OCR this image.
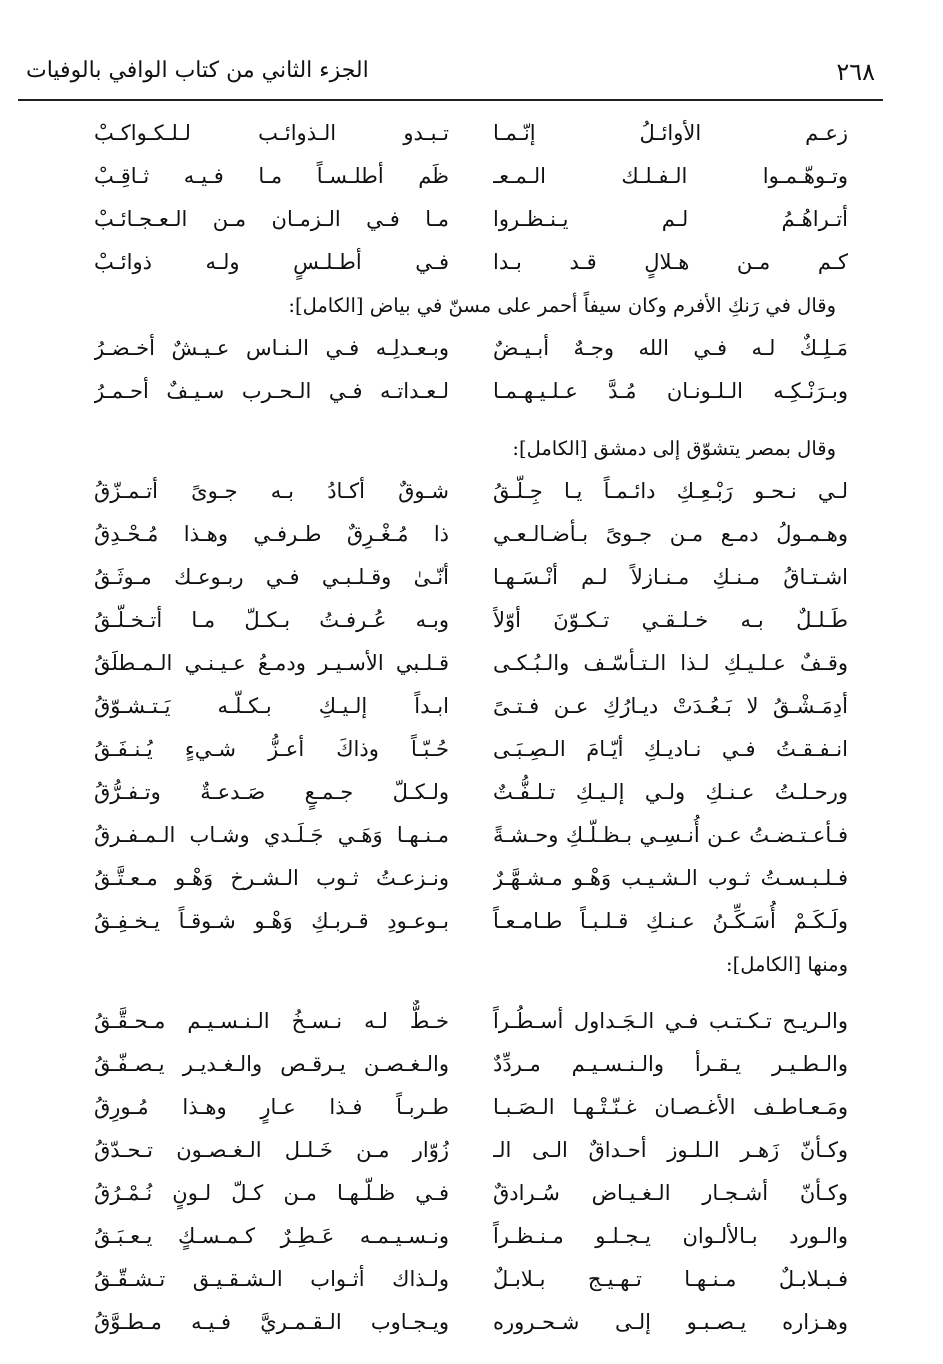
٢٦٨
الجزء الثاني من كتاب الوافي بالوفيات
زعـم الأوائـلُ إنّـمـا
تـبـدو الـذوائـب لـلـكـواكـبْ
وتـوهّـمـوا الـفـلـك الـمـعـ
ظَم أطلـسـاً مـا فـيـه ثـاقِـبْ
أتـراهُـمُ لـم يـنـظـروا
مـا فـي الـزمـان مـن الـعـجـائـبْ
كـم مـن هـلالٍ قـد بـدا
فـي أطـلـسٍ ولـه ذوائـبْ
وقال في رَنكِ الأفرم وكان سيفاً أحمر على مسنّ في بياض [الكامل]:
مَـلِـكٌ لـه فـي الله وجـهٌ أبـيـضٌ
وبـعـدلِـه فـي الـنـاس عـيـشٌ أخـضـرُ
وبـرَنْـكِـه الـلـونـان مُـدَّ عـلـيـهـمـا
لـعـداتـه فـي الـحـرب سـيـفٌ أحـمـرُ
وقال بمصر يتشوّق إلى دمشق [الكامل]:
لـي نـحـو رَبْـعِـكِ دائـمـاً يـا جِـلّـقُ
شـوقٌ أكـادُ بـه جـوىً أتـمـزّقُ
وهـمـولُ دمـع مـن جـوىً بـأضـالـعـي
ذا مُـغْـرِقٌ طـرفـي وهـذا مُـحْـدِقُ
اشـتـاقُ مـنـكِ مـنـازلاً لـم أنْـسَـهـا
أنّـىٰ وقـلـبـي فـي ربـوعـك مـوثَـقُ
طَـلـلٌ بـه خـلـقـي تـكـوّنَ أوّلاً
وبـه عُـرفـتُ بـكـلّ مـا أتـخـلّـقُ
وقـفٌ عـلـيـكِ لـذا الـتـأسّـف والـبُـكـى
قـلـبي الأسـيـر ودمـعُ عـيـنـي الـمـطلَقُ
أدِمَـشْـقُ لا بَـعُـدَتْ ديـارُكِ عـن فـتـىً
ابـداً إلـيـكِ بـكـلّـه يَـتـشـوّقُ
انـفـقـتُ فـي نـاديـكِ أيّـامَ الـصِـبَـى
حُـبّـاً وذاكَ أعـزُّ شـيءٍ يُـنـفَـقُ
ورحـلـتُ عـنـكِ ولـي إلـيـكِ تـلـفُّـتٌ
ولـكـلّ جـمـعٍ صَـدعـةٌ وتـفـرُّقُ
فـأعـتـضـتُ عـن أُنـسِـي بـظـلّـكِ وحـشـةً
مـنـهـا وَهَـي جَـلَـدي وشـاب الـمـفـرقُ
فـلـبـسـتُ ثـوب الـشـيـب وَهْـو مـشـهَّـرٌ
ونـزعـتُ ثـوب الـشـرخ وَهْـو مـعـتَّـقُ
ولَـكَـمْ أُسَـكِّـنُ عـنـكِ قـلـبـاً طـامـعـاً
بـوعـودِ قـربـكِ وَهْـو شـوقـاً يـخـفِـقُ
ومنها [الكامل]:
والـريـح تـكـتـب فـي الـجَـداول أسـطُـراً
خـطٌّ لـه نـسـخُ الـنـسـيـم مـحـقَّـقُ
والـطـيـر يـقـرأ والـنـسـيـم مـردِّدٌ
والـغـصـن يـرقـص والـغـديـر يـصـفّـقُ
ومَـعـاطـف الأغـصـان غـنّـتْـهـا الـصَـبـا
طـربـاً فـذا عـارٍ وهـذا مُـورِقُ
وكـأنّ زَهـر الـلـوز أحـداقٌ الـى الـ
زُوّار مـن خَـلـل الـغـصـون تـحـدّقُ
وكـأنّ أشـجـار الـغـيـاض سُـرادقٌ
فـي ظـلّـهـا مـن كـلّ لـونٍ نُـمْـرُقُ
والـورد بـالألـوان يـجـلـو مـنـظـراً
ونـسـيـمـه عَـطِـرٌ كـمـسـكٍ يـعـبَـقُ
فـبـلابـلٌ مـنـهـا تـهـيـج بـلابـلٌ
ولـذاك أثـواب الـشـقـيـق تـشـقّـقُ
وهـزاره يـصـبـو إلـى شـحـروره
ويـجـاوب الـقـمـريَّ فـيـه مـطـوَّقُ
